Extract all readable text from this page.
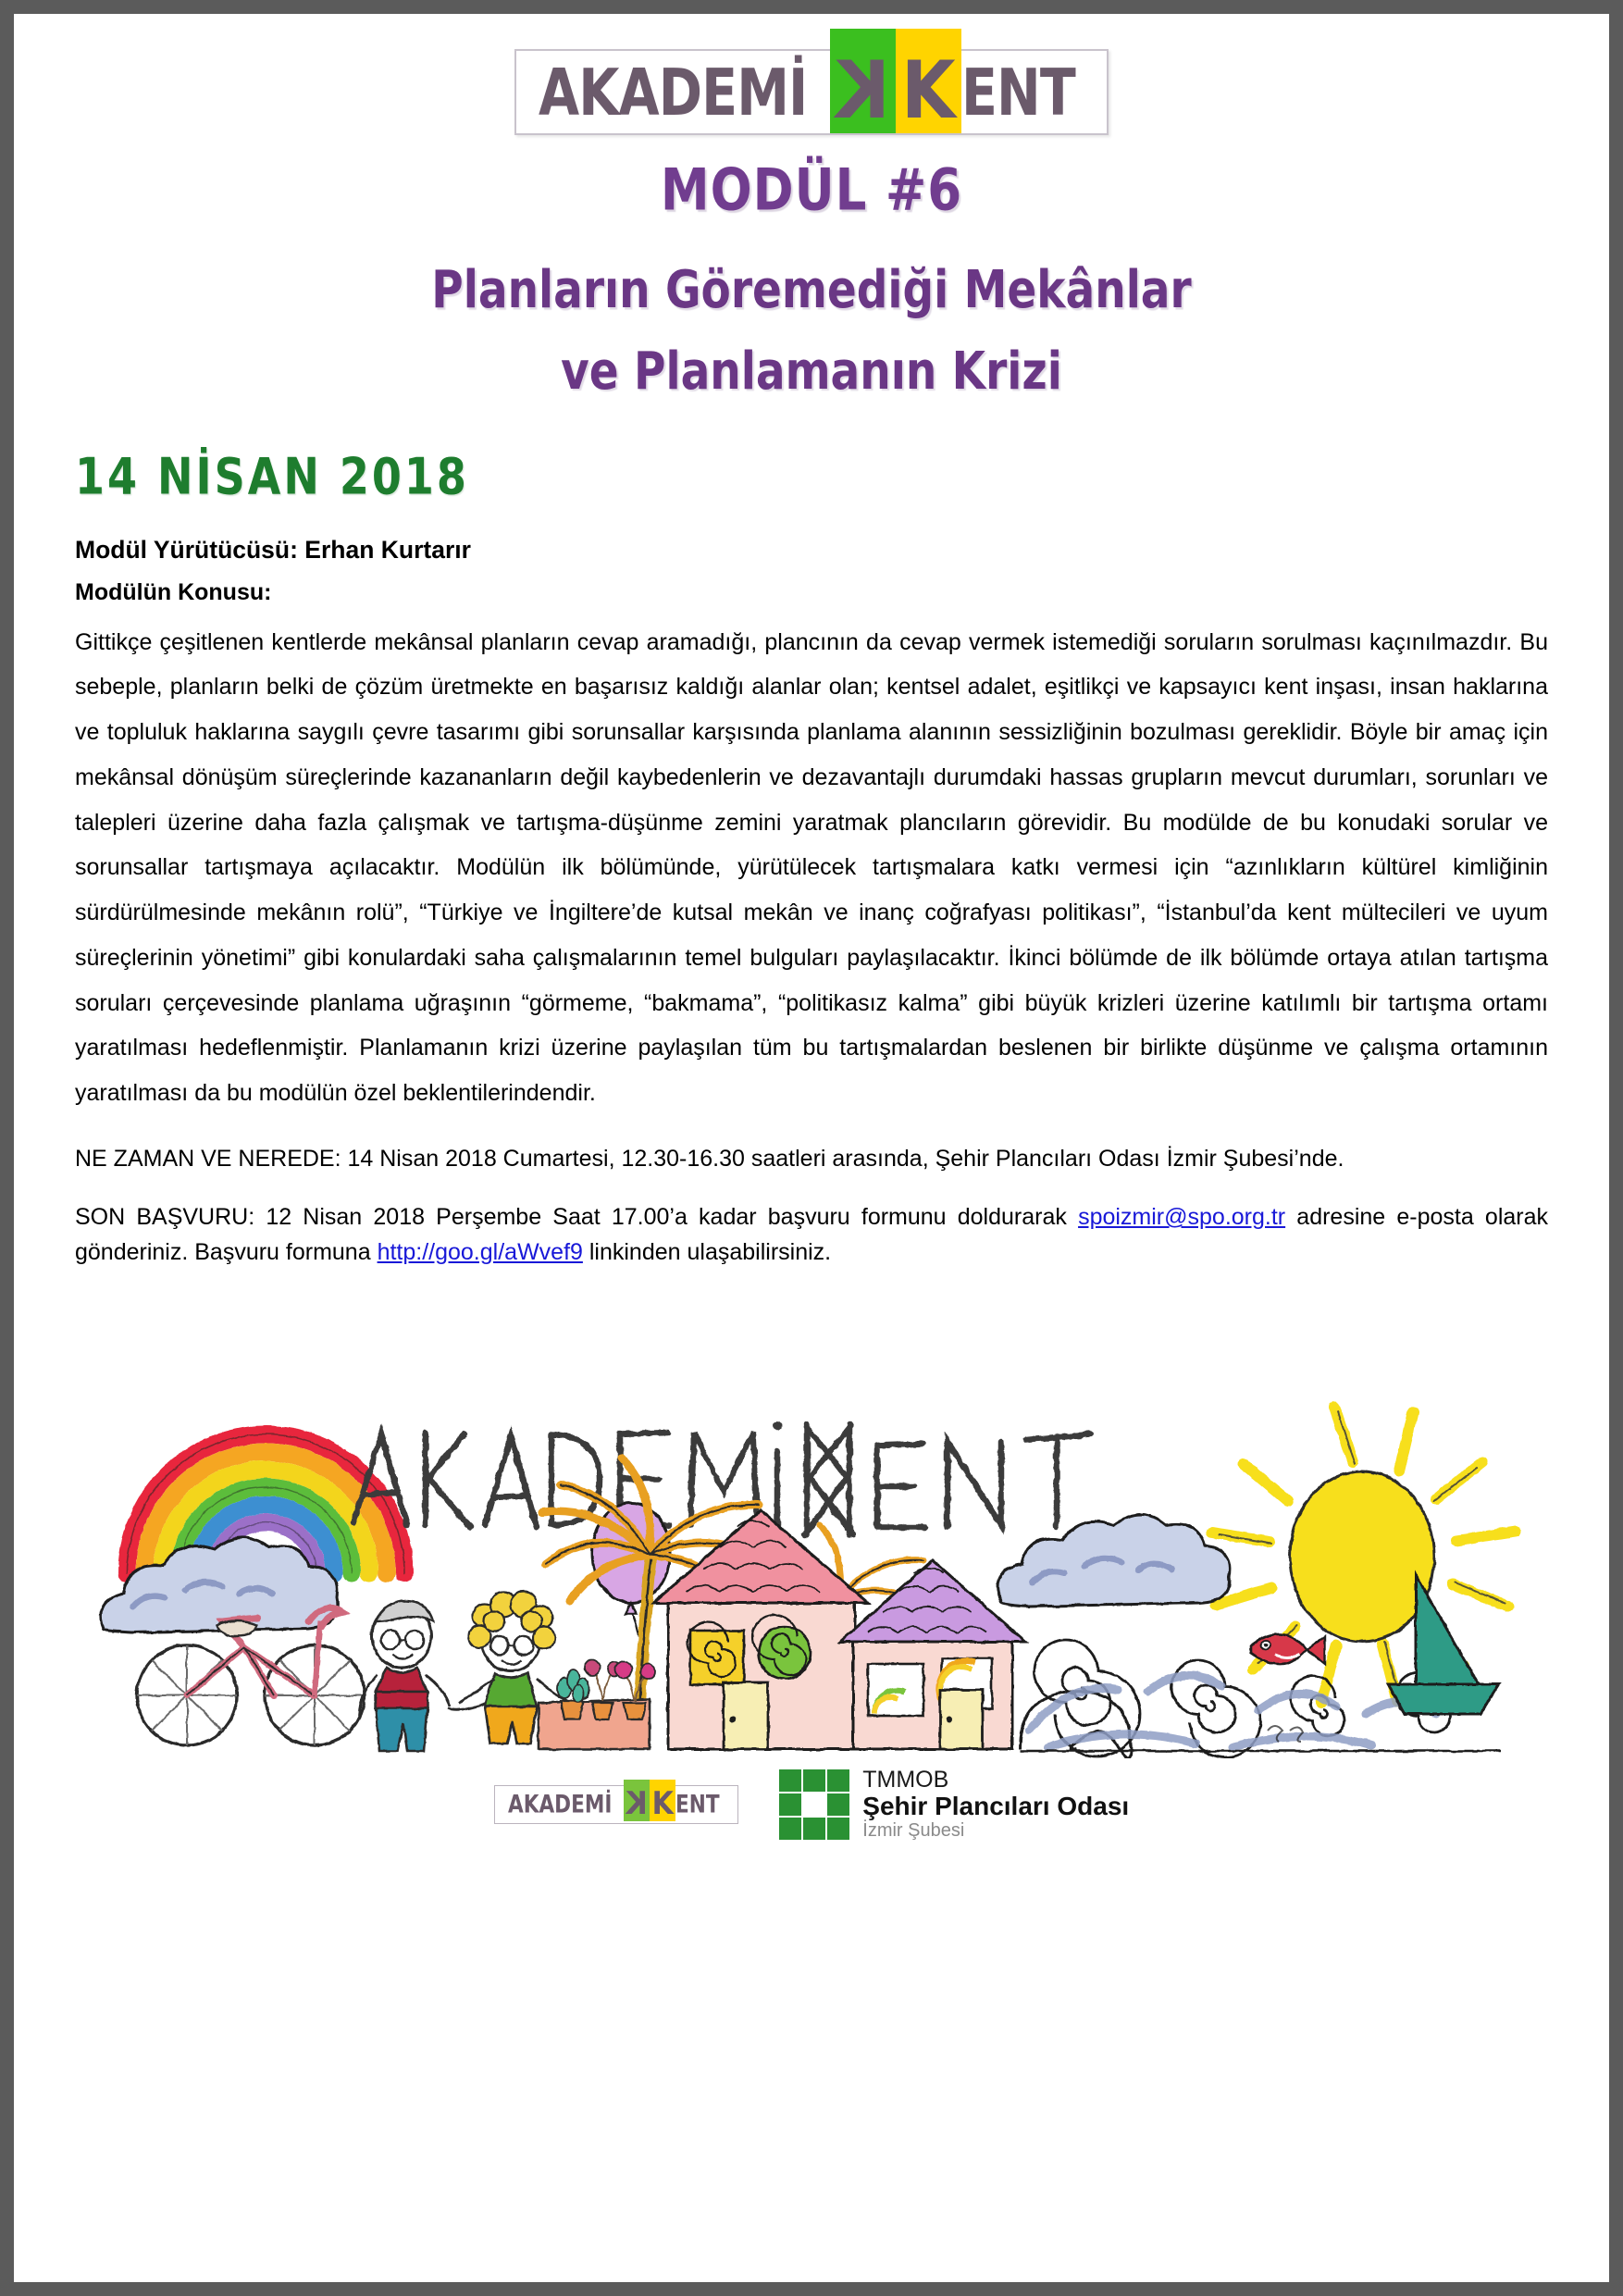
AKADEMİ K K ENT
MODÜL #6
Planların Göremediği Mekânlar
ve Planlamanın Krizi
14 NİSAN 2018
Modül Yürütücüsü: Erhan Kurtarır
Modülün Konusu:

Gittikçe çeşitlenen kentlerde mekânsal planların cevap aramadığı, plancının da cevap vermek istemediği soruların sorulması kaçınılmazdır. Bu sebeple, planların belki de çözüm üretmekte en başarısız kaldığı alanlar olan; kentsel adalet, eşitlikçi ve kapsayıcı kent inşası, insan haklarına ve topluluk haklarına saygılı çevre tasarımı gibi sorunsallar karşısında planlama alanının sessizliğinin bozulması gereklidir. Böyle bir amaç için mekânsal dönüşüm süreçlerinde kazananların değil kaybedenlerin ve dezavantajlı durumdaki hassas grupların mevcut durumları, sorunları ve talepleri üzerine daha fazla çalışmak ve tartışma-düşünme zemini yaratmak plancıların görevidir. Bu modülde de bu konudaki sorular ve sorunsallar tartışmaya açılacaktır. Modülün ilk bölümünde, yürütülecek tartışmalara katkı vermesi için “azınlıkların kültürel kimliğinin sürdürülmesinde mekânın rolü”, “Türkiye ve İngiltere’de kutsal mekân ve inanç coğrafyası politikası”, “İstanbul’da kent mültecileri ve uyum süreçlerinin yönetimi” gibi konulardaki saha çalışmalarının temel bulguları paylaşılacaktır. İkinci bölümde de ilk bölümde ortaya atılan tartışma soruları çerçevesinde planlama uğraşının “görmeme, “bakmama”, “politikasız kalma” gibi büyük krizleri üzerine katılımlı bir tartışma ortamı yaratılması hedeflenmiştir. Planlamanın krizi üzerine paylaşılan tüm bu tartışmalardan beslenen bir birlikte düşünme ve çalışma ortamının yaratılması da bu modülün özel beklentilerindendir.

NE ZAMAN VE NEREDE: 14 Nisan 2018 Cumartesi, 12.30-16.30 saatleri arasında, Şehir Plancıları Odası İzmir Şubesi’nde.

SON BAŞVURU: 12 Nisan 2018 Perşembe Saat 17.00’a kadar başvuru formunu doldurarak spoizmir@spo.org.tr adresine e-posta olarak gönderiniz. Başvuru formuna http://goo.gl/aWvef9 linkinden ulaşabilirsiniz.

AKADEMİ K K ENT
TMMOB
Şehir Plancıları Odası
İzmir Şubesi
